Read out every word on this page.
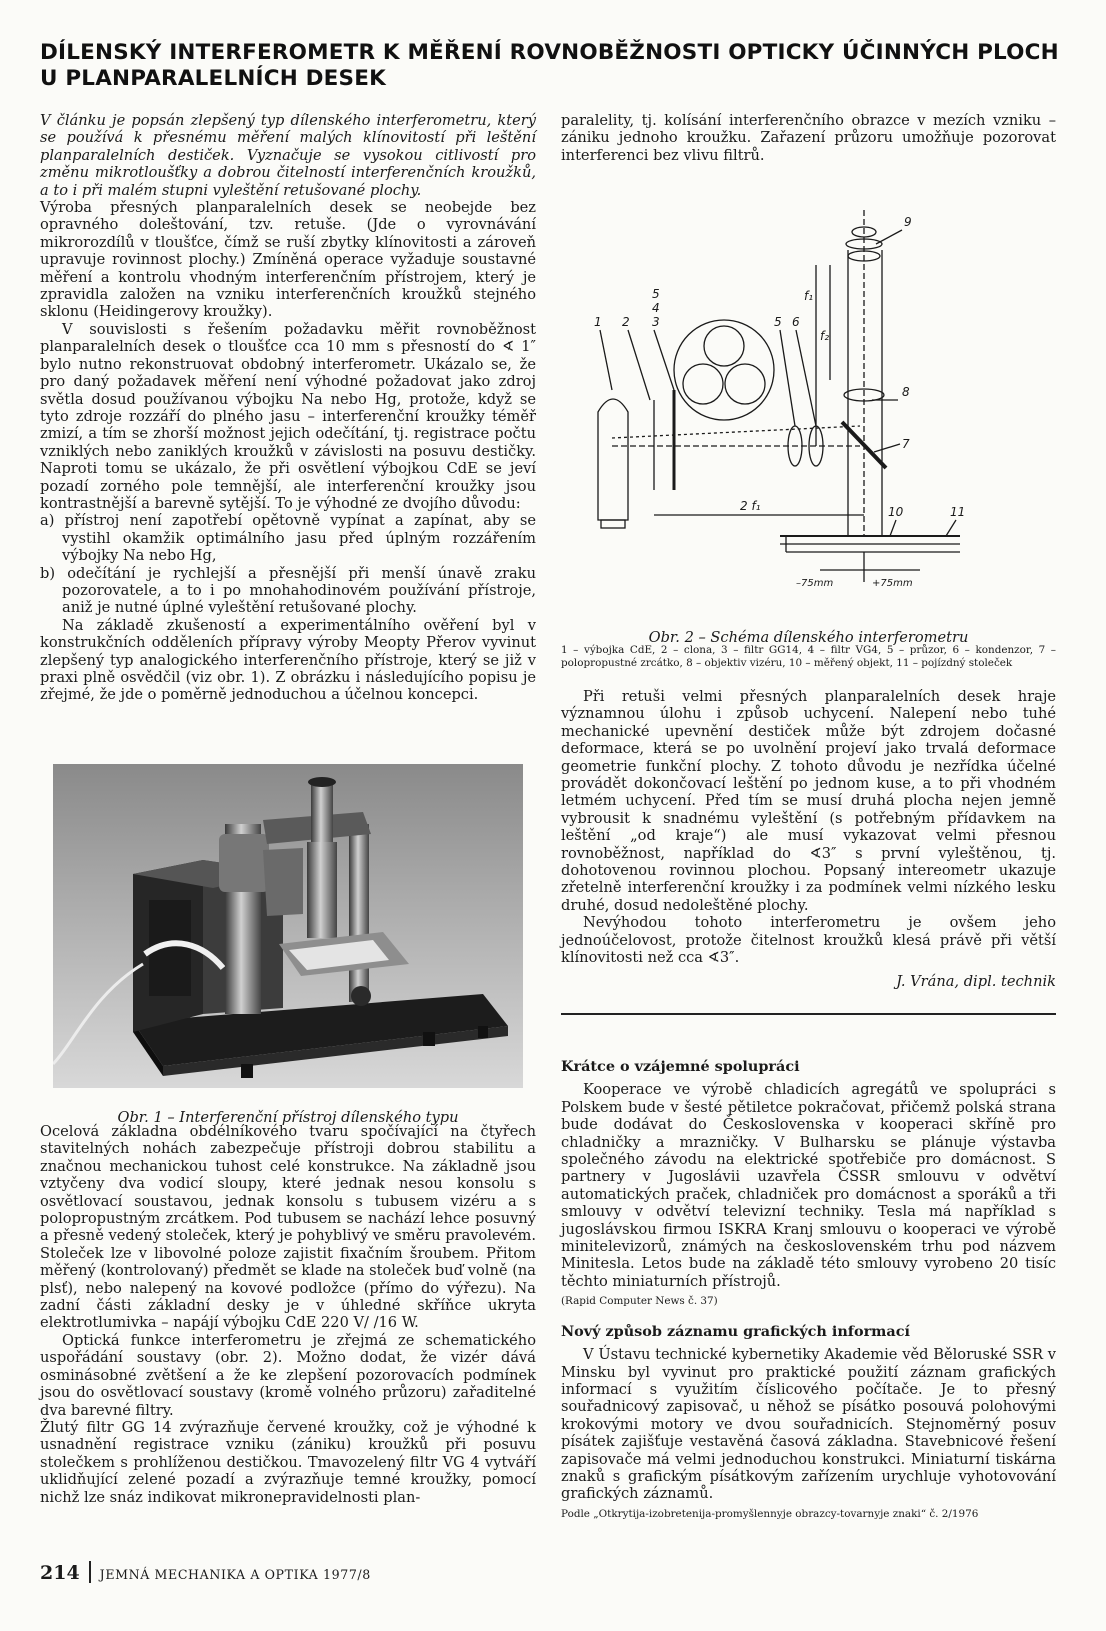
DÍLENSKÝ INTERFEROMETR K MĚŘENÍ ROVNOBĚŽNOSTI OPTICKY ÚČINNÝCH PLOCH U PLANPARALELNÍCH DESEK

V článku je popsán zlepšený typ dílenského interferometru, který se používá k přesnému měření malých klínovitostí při leštění planparalelních destiček. Vyznačuje se vysokou citlivostí pro změnu mikrotloušťky a dobrou čitelností interferenčních kroužků, a to i při malém stupni vyleštění retušované plochy.

Výroba přesných planparalelních desek se neobejde bez opravného doleštování, tzv. retuše. (Jde o vyrovnávání mikrorozdílů v tloušťce, čímž se ruší zbytky klínovitosti a zároveň upravuje rovinnost plochy.) Zmíněná operace vyžaduje soustavné měření a kontrolu vhodným interferenčním přístrojem, který je zpravidla založen na vzniku interferenčních kroužků stejného sklonu (Heidingerovy kroužky).

V souvislosti s řešením požadavku měřit rovnoběžnost planparalelních desek o tloušťce cca 10 mm s přesností do ∢ 1″ bylo nutno rekonstruovat obdobný interferometr. Ukázalo se, že pro daný požadavek měření není výhodné požadovat jako zdroj světla dosud používanou výbojku Na nebo Hg, protože, když se tyto zdroje rozzáří do plného jasu – interferenční kroužky téměř zmizí, a tím se zhorší možnost jejich odečítání, tj. registrace počtu vzniklých nebo zaniklých kroužků v závislosti na posuvu destičky. Naproti tomu se ukázalo, že při osvětlení výbojkou CdE se jeví pozadí zorného pole temnější, ale interferenční kroužky jsou kontrastnější a barevně sytější. To je výhodné ze dvojího důvodu:

a) přístroj není zapotřebí opětovně vypínat a zapínat, aby se vystihl okamžik optimálního jasu před úplným rozzářením výbojky Na nebo Hg,

b) odečítání je rychlejší a přesnější při menší únavě zraku pozorovatele, a to i po mnohahodinovém používání přístroje, aniž je nutné úplné vyleštění retušované plochy.

Na základě zkušeností a experimentálního ověření byl v konstrukčních odděleních přípravy výroby Meopty Přerov vyvinut zlepšený typ analogického interferenčního přístroje, který se již v praxi plně osvědčil (viz obr. 1). Z obrázku i následujícího popisu je zřejmé, že jde o poměrně jednoduchou a účelnou koncepci.

Obr. 1 – Interferenční přístroj dílenského typu

Ocelová základna obdélníkového tvaru spočívající na čtyřech stavitelných nohách zabezpečuje přístroji dobrou stabilitu a značnou mechanickou tuhost celé konstrukce. Na základně jsou vztyčeny dva vodicí sloupy, které jednak nesou konsolu s osvětlovací soustavou, jednak konsolu s tubusem vizéru a s polopropustným zrcátkem. Pod tubusem se nachází lehce posuvný a přesně vedený stoleček, který je pohyblivý ve směru pravolevém. Stoleček lze v libovolné poloze zajistit fixačním šroubem. Přitom měřený (kontrolovaný) předmět se klade na stoleček buď volně (na plsť), nebo nalepený na kovové podložce (přímo do výřezu). Na zadní části základní desky je v úhledné skříňce ukryta elektrotlumivka – napájí výbojku CdE 220 V/ /16 W.

Optická funkce interferometru je zřejmá ze schematického uspořádání soustavy (obr. 2). Možno dodat, že vizér dává osminásobné zvětšení a že ke zlepšení pozorovacích podmínek jsou do osvětlovací soustavy (kromě volného průzoru) zařaditelné dva barevné filtry.

Žlutý filtr GG 14 zvýrazňuje červené kroužky, což je výhodné k usnadnění registrace vzniku (zániku) kroužků při posuvu stolečkem s prohlíženou destičkou. Tmavozelený filtr VG 4 vytváří uklidňující zelené pozadí a zvýrazňuje temné kroužky, pomocí nichž lze snáz indikovat mikronepravidelnosti plan-

paralelity, tj. kolísání interferenčního obrazce v mezích vzniku – zániku jednoho kroužku. Zařazení průzoru umožňuje pozorovat interferenci bez vlivu filtrů.

1 2 3
4
5
5 6
7
8
9
10	11
f₁
f₂
2 f₁
–75mm	+75mm

Obr. 2 – Schéma dílenského interferometru

1 – výbojka CdE, 2 – clona, 3 – filtr GG14, 4 – filtr VG4, 5 – průzor, 6 – kondenzor, 7 – polopropustné zrcátko, 8 – objektiv vizéru, 10 – měřený objekt, 11 – pojízdný stoleček

Při retuši velmi přesných planparalelních desek hraje významnou úlohu i způsob uchycení. Nalepení nebo tuhé mechanické upevnění destiček může být zdrojem dočasné deformace, která se po uvolnění projeví jako trvalá deformace geometrie funkční plochy. Z tohoto důvodu je nezřídka účelné provádět dokončovací leštění po jednom kuse, a to při vhodném letmém uchycení. Před tím se musí druhá plocha nejen jemně vybrousit k snadnému vyleštění (s potřebným přídavkem na leštění „od kraje“) ale musí vykazovat velmi přesnou rovnoběžnost, například do ∢3″ s první vyleštěnou, tj. dohotovenou rovinnou plochou. Popsaný intereometr ukazuje zřetelně interferenční kroužky i za podmínek velmi nízkého lesku druhé, dosud nedoleštěné plochy.

Nevýhodou tohoto interferometru je ovšem jeho jednoúčelovost, protože čitelnost kroužků klesá právě při větší klínovitosti než cca ∢3″.

J. Vrána, dipl. technik

Krátce o vzájemné spolupráci

Kooperace ve výrobě chladicích agregátů ve spolupráci s Polskem bude v šesté pětiletce pokračovat, přičemž polská strana bude dodávat do Československa v kooperaci skříně pro chladničky a mrazničky. V Bulharsku se plánuje výstavba společného závodu na elektrické spotřebiče pro domácnost. S partnery v Jugoslávii uzavřela ČSSR smlouvu v odvětví automatických praček, chladniček pro domácnost a sporáků a tři smlouvy v odvětví televizní techniky. Tesla má například s jugoslávskou firmou ISKRA Kranj smlouvu o kooperaci ve výrobě minitelevizorů, známých na československém trhu pod názvem Minitesla. Letos bude na základě této smlouvy vyrobeno 20 tisíc těchto miniaturních přístrojů.

(Rapid Computer News č. 37)

Nový způsob záznamu grafických informací

V Ústavu technické kybernetiky Akademie věd Běloruské SSR v Minsku byl vyvinut pro praktické použití záznam grafických informací s využitím číslicového počítače. Je to přesný souřadnicový zapisovač, u něhož se písátko posouvá polohovými krokovými motory ve dvou souřadnicích. Stejnoměrný posuv písátek zajišťuje vestavěná časová základna. Stavebnicové řešení zapisovače má velmi jednoduchou konstrukci. Miniaturní tiskárna znaků s grafickým písátkovým zařízením urychluje vyhotovování grafických záznamů.

Podle „Otkrytija-izobretenija-promyšlennyje obrazcy-tovarnyje znaki“ č. 2/1976

214 JEMNÁ MECHANIKA A OPTIKA 1977/8
